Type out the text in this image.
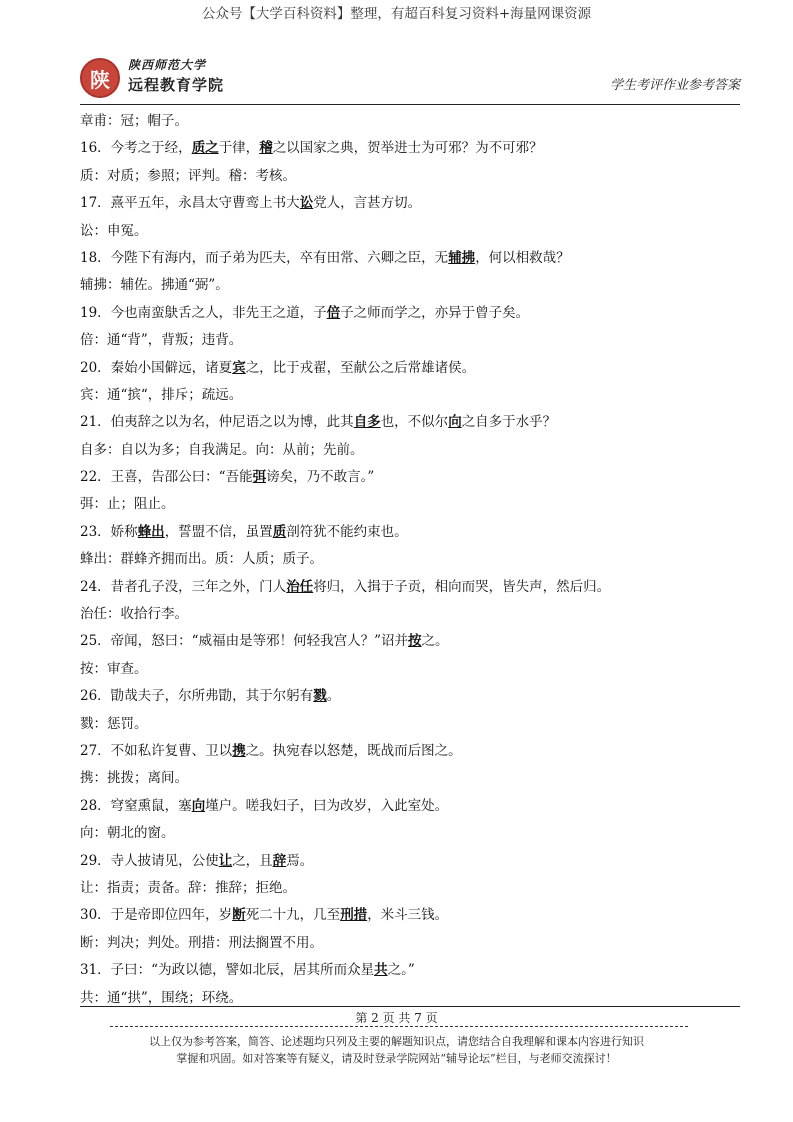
公众号【大学百科资料】整理，有超百科复习资料+海量网课资源
陕
陕西师范大学
远程教育学院	学生考评作业参考答案
章甫：冠；帽子。
16．今考之于经，质之于律，稽之以国家之典，贺举进士为可邪？为不可邪？
质：对质；参照；评判。稽：考核。
17．熹平五年，永昌太守曹鸾上书大讼党人，言甚方切。
讼：申冤。
18．今陛下有海内，而子弟为匹夫，卒有田常、六卿之臣，无辅拂，何以相救哉？
辅拂：辅佐。拂通“弼”。
19．今也南蛮鴃舌之人，非先王之道，子倍子之师而学之，亦异于曾子矣。
倍：通“背”，背叛；违背。
20．秦始小国僻远，诸夏宾之，比于戎翟，至献公之后常雄诸侯。
宾：通“摈“，排斥；疏远。
21．伯夷辞之以为名，仲尼语之以为博，此其自多也，不似尔向之自多于水乎？
自多：自以为多；自我满足。向：从前；先前。
22．王喜，告邵公曰：“吾能弭谤矣，乃不敢言。”
弭：止；阻止。
23．娇称蜂出，誓盟不信，虽置质剖符犹不能约束也。
蜂出：群蜂齐拥而出。质：人质；质子。
24．昔者孔子没，三年之外，门人治任将归，入揖于子贡，相向而哭，皆失声，然后归。
治任：收拾行李。
25．帝闻，怒曰：“威福由是等邪！何轻我宫人？”诏并按之。
按：审查。
26．勖哉夫子，尔所弗勖，其于尔躬有戮。
戮：惩罚。
27．不如私许复曹、卫以携之。执宛春以怒楚，既战而后图之。
携：挑拨；离间。
28．穹窒熏鼠，塞向墐户。嗟我妇子，曰为改岁，入此室处。
向：朝北的窗。
29．寺人披请见，公使让之，且辞焉。
让：指责；责备。辞：推辞；拒绝。
30．于是帝即位四年，岁断死二十九，几至刑措，米斗三钱。
断：判决；判处。刑措：刑法搁置不用。
31．子曰：“为政以德，譬如北辰，居其所而众星共之。”
共：通“拱”，围绕；环绕。
第 2 页 共 7 页
以上仅为参考答案，简答、论述题均只列及主要的解题知识点，请您结合自我理解和课本内容进行知识
掌握和巩固。如对答案等有疑义，请及时登录学院网站“辅导论坛”栏目，与老师交流探讨！
